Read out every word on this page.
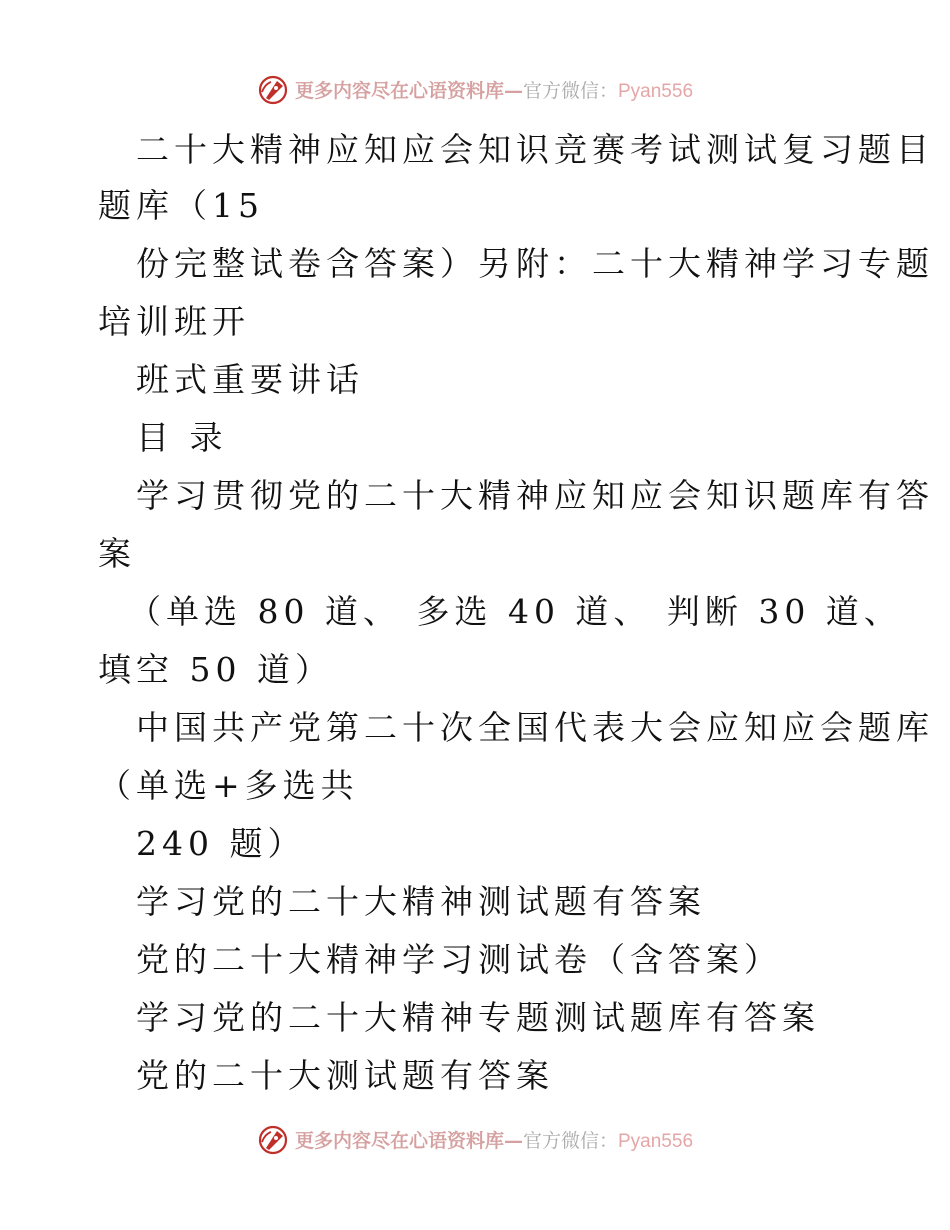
更多内容尽在心语资料库—官方微信：Pyan556
二十大精神应知应会知识竞赛考试测试复习题目
题库（15
份完整试卷含答案）另附：二十大精神学习专题
培训班开
班式重要讲话
目 录
学习贯彻党的二十大精神应知应会知识题库有答
案
（单选 80 道、 多选 40 道、 判断 30 道、
填空 50 道）
中国共产党第二十次全国代表大会应知应会题库
（单选+多选共
240 题）
学习党的二十大精神测试题有答案
党的二十大精神学习测试卷（含答案）
学习党的二十大精神专题测试题库有答案
党的二十大测试题有答案
更多内容尽在心语资料库—官方微信：Pyan556
